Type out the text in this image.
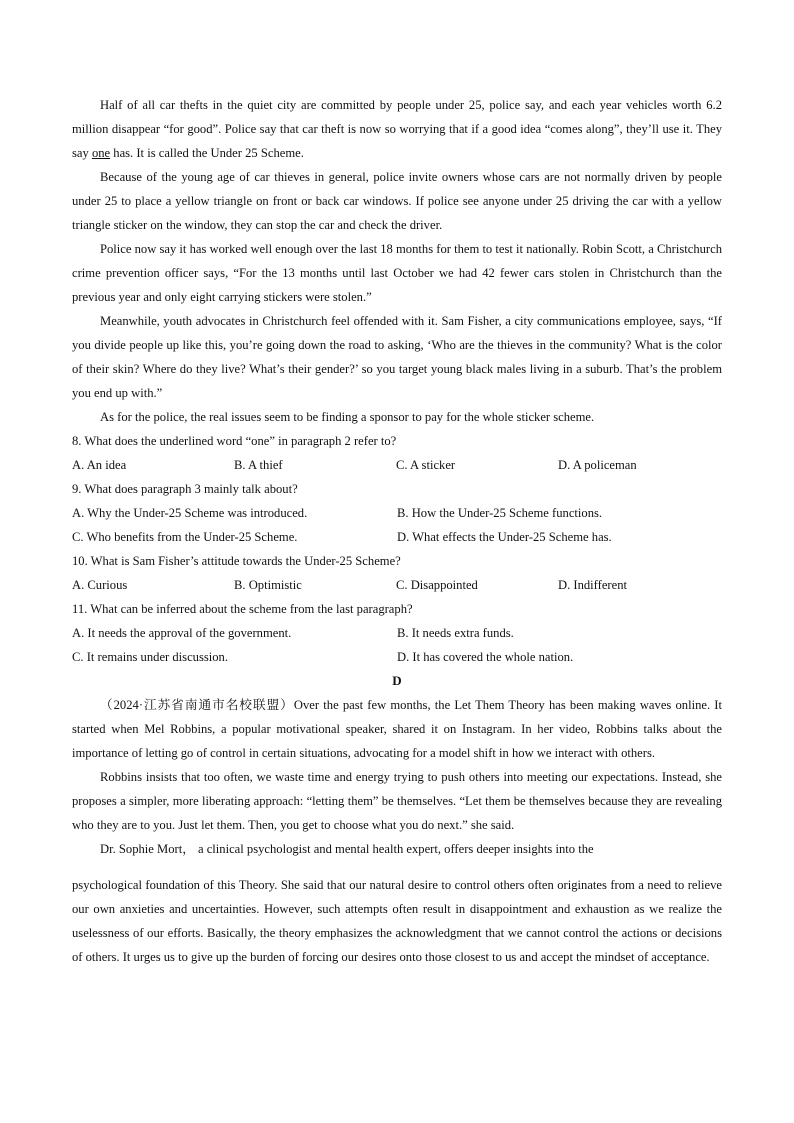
Half of all car thefts in the quiet city are committed by people under 25, police say, and each year vehicles worth 6.2 million disappear “for good”. Police say that car theft is now so worrying that if a good idea “comes along”, they’ll use it. They say one has. It is called the Under 25 Scheme.

Because of the young age of car thieves in general, police invite owners whose cars are not normally driven by people under 25 to place a yellow triangle on front or back car windows. If police see anyone under 25 driving the car with a yellow triangle sticker on the window, they can stop the car and check the driver.

Police now say it has worked well enough over the last 18 months for them to test it nationally. Robin Scott, a Christchurch crime prevention officer says, “For the 13 months until last October we had 42 fewer cars stolen in Christchurch than the previous year and only eight carrying stickers were stolen.”

Meanwhile, youth advocates in Christchurch feel offended with it. Sam Fisher, a city communications employee, says, “If you divide people up like this, you’re going down the road to asking, ‘Who are the thieves in the community? What is the color of their skin? Where do they live? What’s their gender?’ so you target young black males living in a suburb. That’s the problem you end up with.”

As for the police, the real issues seem to be finding a sponsor to pay for the whole sticker scheme.

8. What does the underlined word “one” in paragraph 2 refer to?

A. An idea	B. A thief	C. A sticker	D. A policeman

9. What does paragraph 3 mainly talk about?

A. Why the Under-25 Scheme was introduced.	B. How the Under-25 Scheme functions.
C. Who benefits from the Under-25 Scheme.	D. What effects the Under-25 Scheme has.

10. What is Sam Fisher’s attitude towards the Under-25 Scheme?

A. Curious	B. Optimistic	C. Disappointed	D. Indifferent

11. What can be inferred about the scheme from the last paragraph?

A. It needs the approval of the government.	B. It needs extra funds.
C. It remains under discussion.	D. It has covered the whole nation.

D

（2024·江苏省南通市名校联盟）Over the past few months, the Let Them Theory has been making waves online. It started when Mel Robbins, a popular motivational speaker, shared it on Instagram. In her video, Robbins talks about the importance of letting go of control in certain situations, advocating for a model shift in how we interact with others.

Robbins insists that too often, we waste time and energy trying to push others into meeting our expectations. Instead, she proposes a simpler, more liberating approach: “letting them” be themselves. “Let them be themselves because they are revealing who they are to you. Just let them. Then, you get to choose what you do next.” she said.

Dr. Sophie Mort， a clinical psychologist and mental health expert, offers deeper insights into the

psychological foundation of this Theory. She said that our natural desire to control others often originates from a need to relieve our own anxieties and uncertainties. However, such attempts often result in disappointment and exhaustion as we realize the uselessness of our efforts. Basically, the theory emphasizes the acknowledgment that we cannot control the actions or decisions of others. It urges us to give up the burden of forcing our desires onto those closest to us and accept the mindset of acceptance.
